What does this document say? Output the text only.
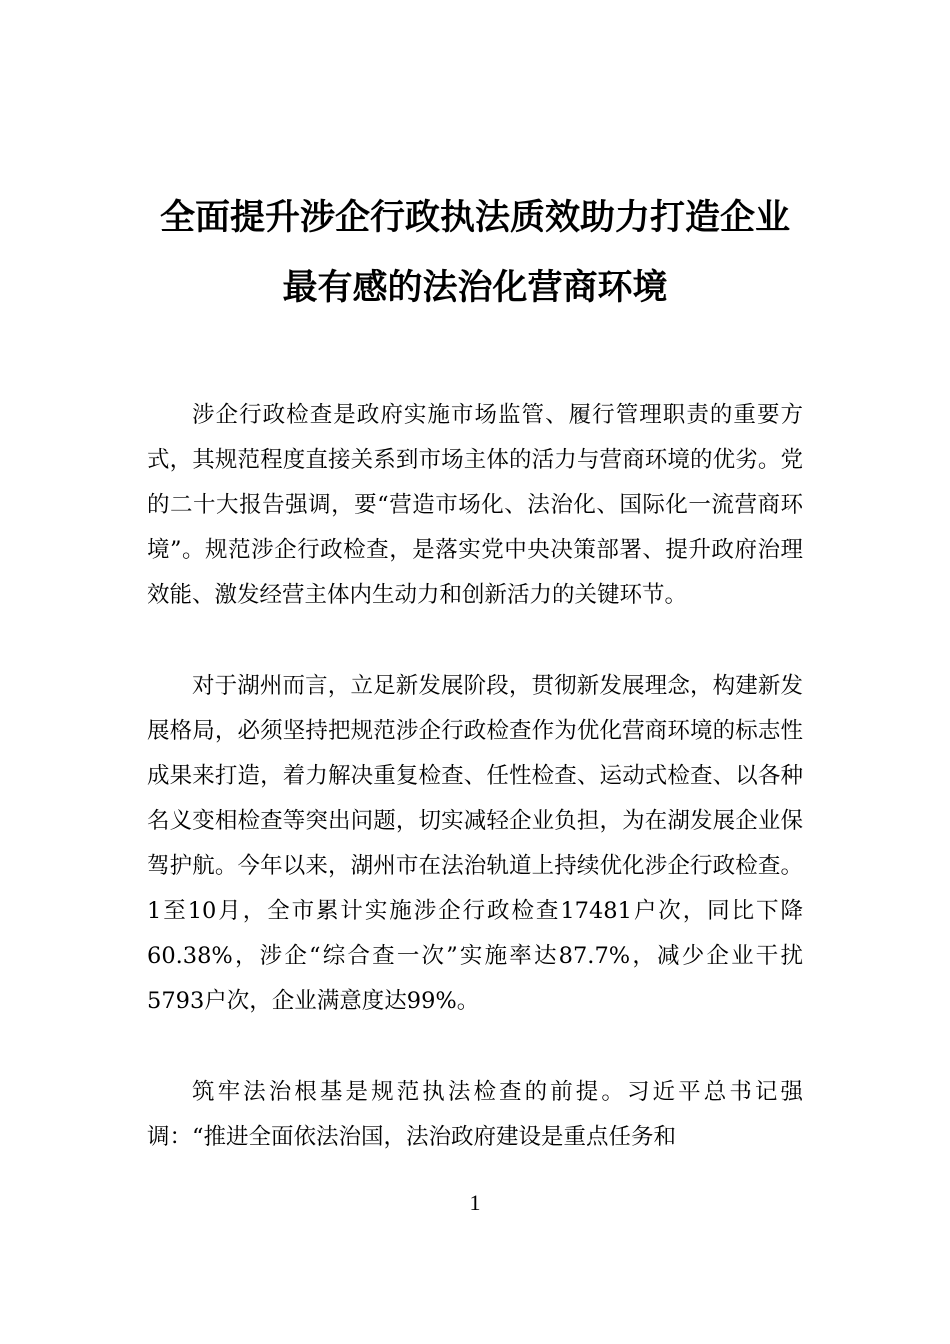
全面提升涉企行政执法质效助力打造企业
最有感的法治化营商环境

涉企行政检查是政府实施市场监管、履行管理职责的重要方式，其规范程度直接关系到市场主体的活力与营商环境的优劣。党的二十大报告强调，要“营造市场化、法治化、国际化一流营商环境”。规范涉企行政检查，是落实党中央决策部署、提升政府治理效能、激发经营主体内生动力和创新活力的关键环节。

对于湖州而言，立足新发展阶段，贯彻新发展理念，构建新发展格局，必须坚持把规范涉企行政检查作为优化营商环境的标志性成果来打造，着力解决重复检查、任性检查、运动式检查、以各种名义变相检查等突出问题，切实减轻企业负担，为在湖发展企业保驾护航。今年以来，湖州市在法治轨道上持续优化涉企行政检查。1至10月，全市累计实施涉企行政检查17481户次，同比下降60.38%，涉企“综合查一次”实施率达87.7%，减少企业干扰5793户次，企业满意度达99%。

筑牢法治根基是规范执法检查的前提。习近平总书记强调：“推进全面依法治国，法治政府建设是重点任务和

1
